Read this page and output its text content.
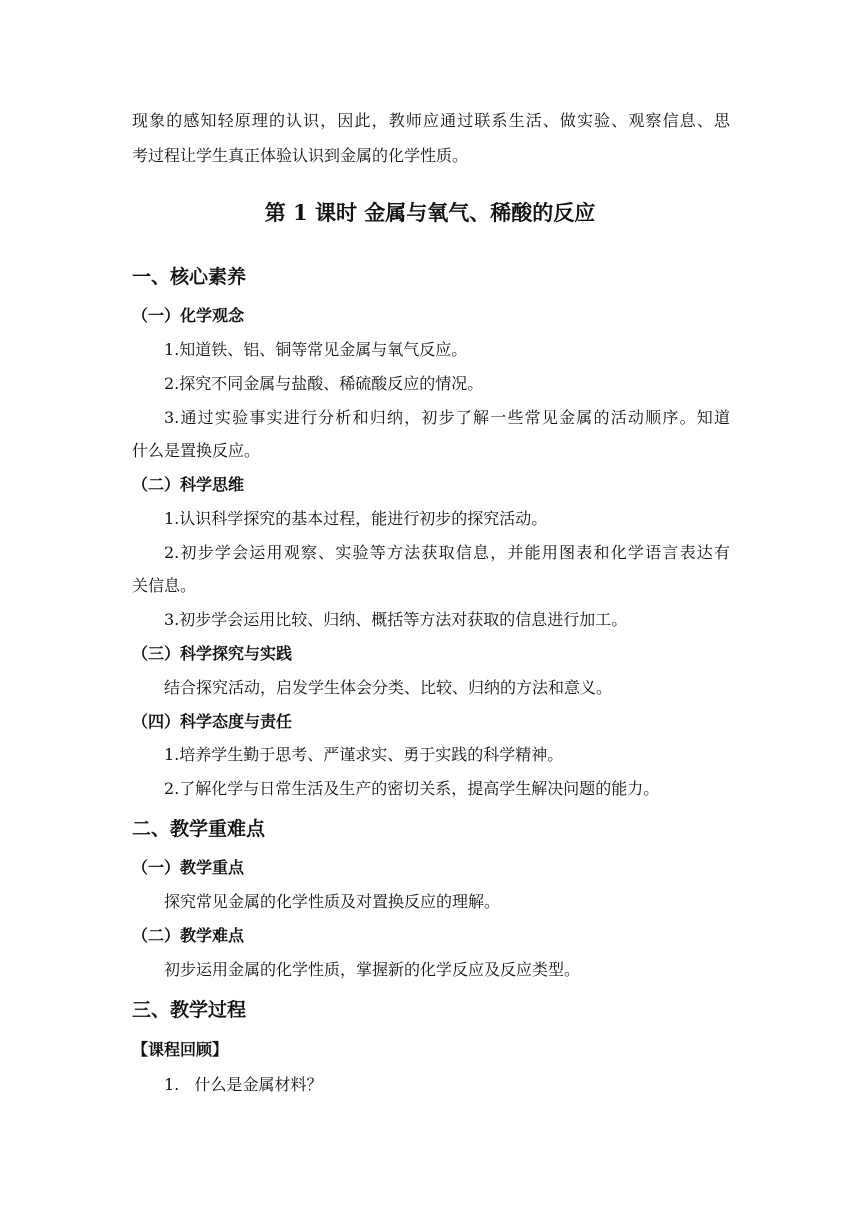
现象的感知轻原理的认识，因此，教师应通过联系生活、做实验、观察信息、思
考过程让学生真正体验认识到金属的化学性质。
第 1 课时 金属与氧气、稀酸的反应
一、核心素养
（一）化学观念
1.知道铁、铝、铜等常见金属与氧气反应。
2.探究不同金属与盐酸、稀硫酸反应的情况。
3.通过实验事实进行分析和归纳，初步了解一些常见金属的活动顺序。知道
什么是置换反应。
（二）科学思维
1.认识科学探究的基本过程，能进行初步的探究活动。
2.初步学会运用观察、实验等方法获取信息，并能用图表和化学语言表达有
关信息。
3.初步学会运用比较、归纳、概括等方法对获取的信息进行加工。
（三）科学探究与实践
结合探究活动，启发学生体会分类、比较、归纳的方法和意义。
（四）科学态度与责任
1.培养学生勤于思考、严谨求实、勇于实践的科学精神。
2.了解化学与日常生活及生产的密切关系，提高学生解决问题的能力。
二、教学重难点
（一）教学重点
探究常见金属的化学性质及对置换反应的理解。
（二）教学难点
初步运用金属的化学性质，掌握新的化学反应及反应类型。
三、教学过程
【课程回顾】
1.   什么是金属材料？
